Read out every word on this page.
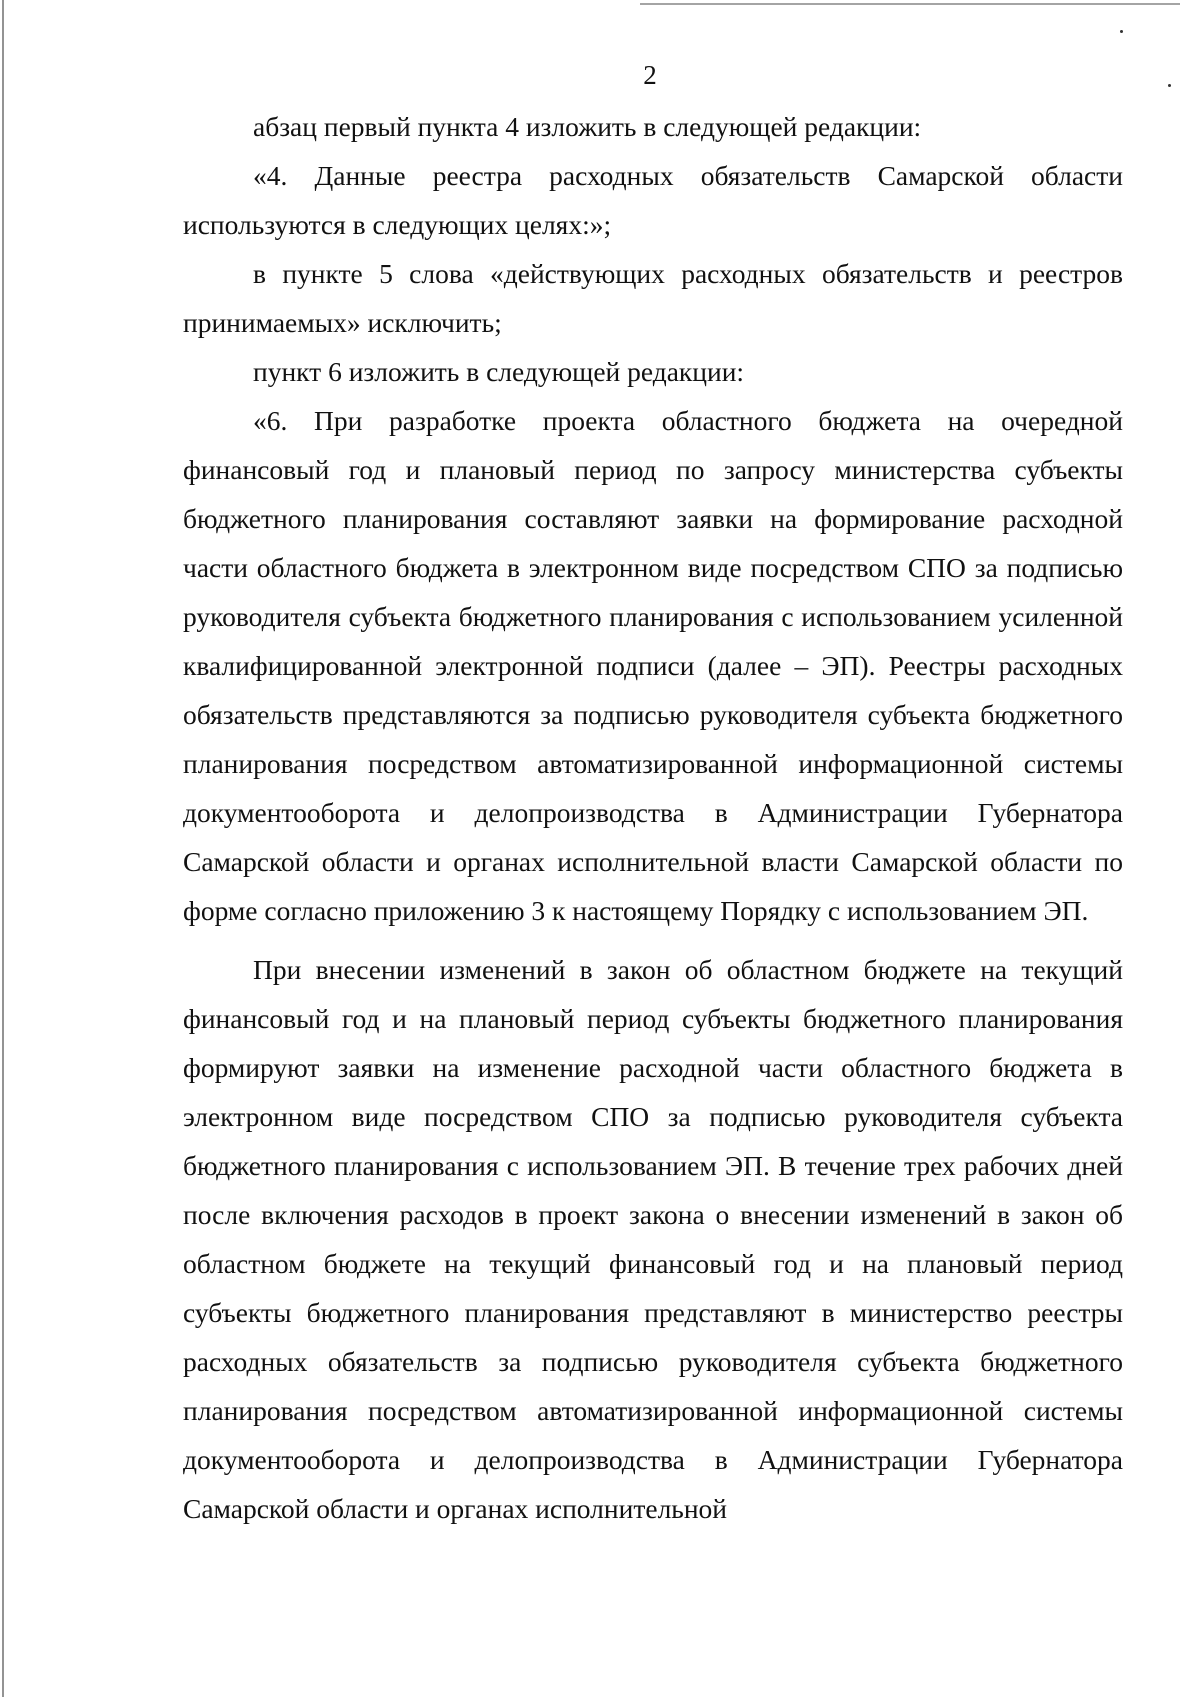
2

абзац первый пункта 4 изложить в следующей редакции:

«4. Данные реестра расходных обязательств Самарской области используются в следующих целях:»;

в пункте 5 слова «действующих расходных обязательств и реестров принимаемых» исключить;

пункт 6 изложить в следующей редакции:

«6. При разработке проекта областного бюджета на очередной финансовый год и плановый период по запросу министерства субъекты бюджетного планирования составляют заявки на формирование расходной части областного бюджета в электронном виде посредством СПО за подписью руководителя субъекта бюджетного планирования с использованием усиленной квалифицированной электронной подписи (далее – ЭП). Реестры расходных обязательств представляются за подписью руководителя субъекта бюджетного планирования посредством автоматизированной информационной системы документооборота и делопроизводства в Администрации Губернатора Самарской области и органах исполнительной власти Самарской области по форме согласно приложению 3 к настоящему Порядку с использованием ЭП.

При внесении изменений в закон об областном бюджете на текущий финансовый год и на плановый период субъекты бюджетного планирования формируют заявки на изменение расходной части областного бюджета в электронном виде посредством СПО за подписью руководителя субъекта бюджетного планирования с использованием ЭП. В течение трех рабочих дней после включения расходов в проект закона о внесении изменений в закон об областном бюджете на текущий финансовый год и на плановый период субъекты бюджетного планирования представляют в министерство реестры расходных обязательств за подписью руководителя субъекта бюджетного планирования посредством автоматизированной информационной системы документооборота и делопроизводства в Администрации Губернатора Самарской области и органах исполнительной
